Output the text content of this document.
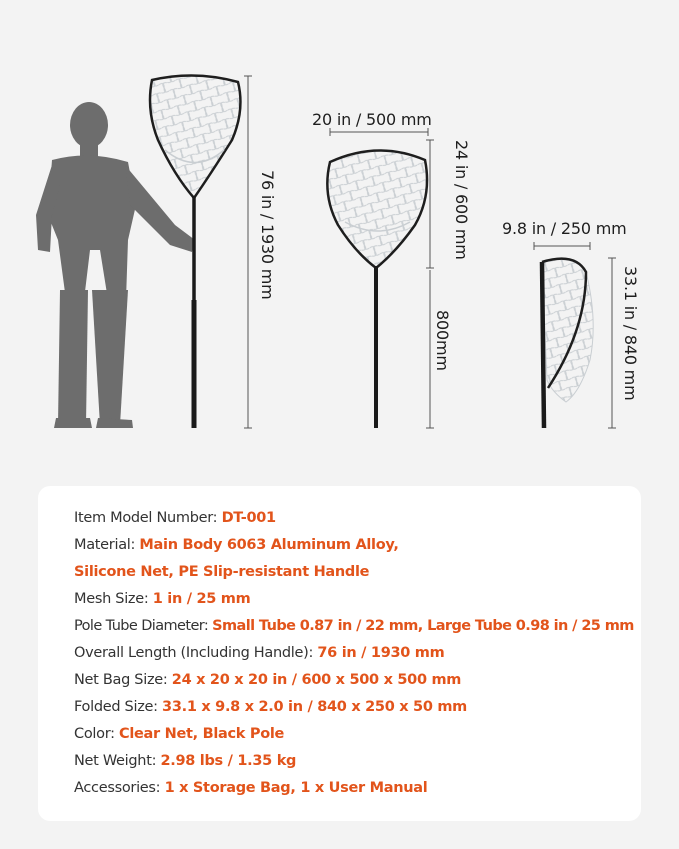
76 in / 1930 mm
20 in / 500 mm
24 in / 600 mm
800mm
9.8 in / 250 mm
33.1 in / 840 mm
Item Model Number: DT-001
Material: Main Body 6063 Aluminum Alloy,
Silicone Net, PE Slip-resistant Handle
Mesh Size: 1 in / 25 mm
Pole Tube Diameter: Small Tube 0.87 in / 22 mm, Large Tube 0.98 in / 25 mm
Overall Length (Including Handle): 76 in / 1930 mm
Net Bag Size: 24 x 20 x 20 in / 600 x 500 x 500 mm
Folded Size: 33.1 x 9.8 x 2.0 in / 840 x 250 x 50 mm
Color: Clear Net, Black Pole
Net Weight: 2.98 lbs / 1.35 kg
Accessories: 1 x Storage Bag, 1 x User Manual
